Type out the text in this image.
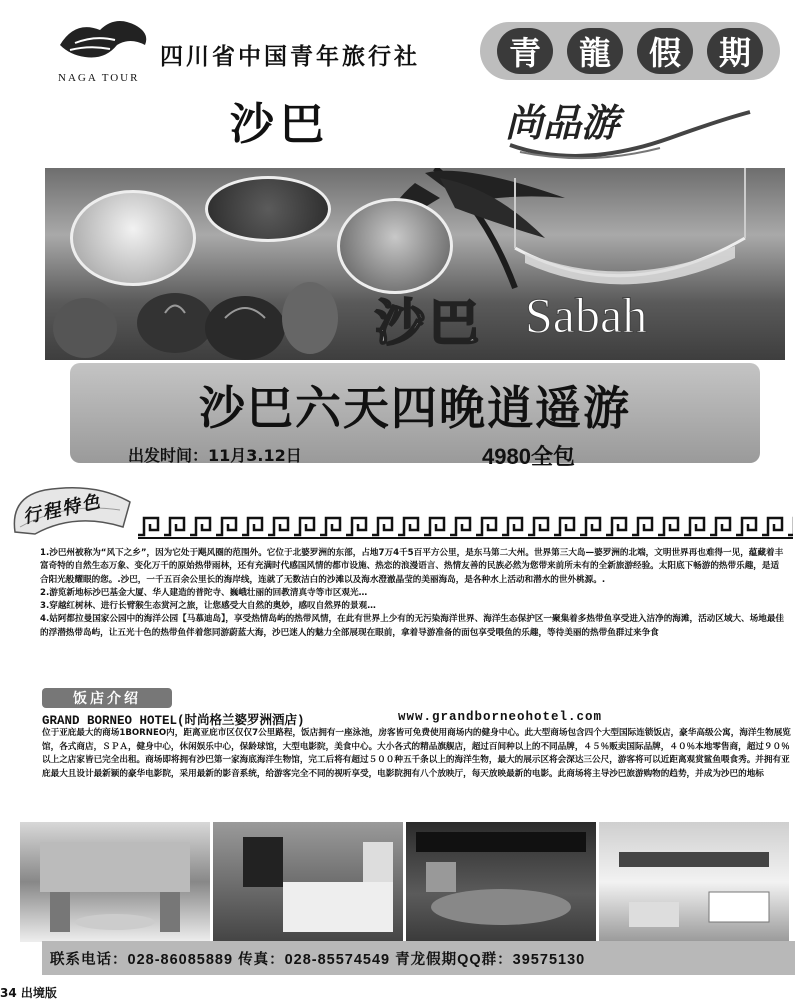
NAGA TOUR
四川省中国青年旅行社	青	龍	假	期
沙巴	尚品游
沙巴 Sabah
沙巴六天四晚逍遥游
出发时间：11月3.12日	4980全包
行程特色

1.沙巴州被称为“风下之乡”，因为它处于飓风圈的范围外。它位于北婆罗洲的东部，占地7万4千5百平方公里，是东马第二大州。世界第三大岛—婆罗洲的北端，文明世界再也难得一见，蕴藏着丰富奇特的自然生态万象、变化万千的原始热带雨林，还有充满时代感国风情的都市设施、热恋的浪漫语言、热情友善的民族必然为您带来前所未有的全新旅游经验。太阳底下畅游的热带乐趣，是适合阳光般耀眼的您。.沙巴，一千五百余公里长的海岸线，连就了无数洁白的沙滩以及海水澄澈晶莹的美丽海岛，是各种水上活动和潜水的世外桃源。.

2.游览新地标沙巴基金大厦、华人建造的普陀寺、巍峨壮丽的回教清真寺等市区观光…

3.穿越红树林、进行长臂猴生态赏河之旅，让您感受大自然的奥妙，感叹自然界的景观…

4.姑阿都拉曼国家公园中的海洋公园【马慕迪岛】，享受热情岛屿的热带风情，在此有世界上少有的无污染海洋世界、海洋生态保护区一聚集着多热带鱼享受进入洁净的海滩，活动区域大、场地最佳的浮潜热带岛屿，让五光十色的热带鱼伴着您同游蔚蓝大海，沙巴迷人的魅力全部展现在眼前，拿着导游准备的面包享受喂鱼的乐趣，等待美丽的热带鱼群过来争食

饭店介绍
GRAND BORNEO HOTEL(时尚格兰婆罗洲酒店)	www.grandborneohotel.com
位于亚庇最大的商场1BORNEO内，距离亚庇市区仅仅7公里路程，饭店拥有一座泳池，房客皆可免费使用商场内的健身中心。此大型商场包含四个大型国际连锁饭店，豪华高级公寓，海洋生物展览馆，各式商店，ＳＰＡ，健身中心，休闲娱乐中心，保龄球馆，大型电影院，美食中心。大小各式的精品旗舰店，超过百间种以上的不同品牌，４５％贩卖国际品牌，４０％本地零售商，超过９０％以上之店家皆已完全出租。商场即将拥有沙巴第一家海底海洋生物馆，完工后将有超过５００种五千条以上的海洋生物，最大的展示区将会深达三公尺，游客将可以近距离观赏鲨鱼喂食秀。并拥有亚庇最大且设计最新颖的豪华电影院，采用最新的影音系统，给游客完全不同的视听享受，电影院拥有八个放映厅，每天放映最新的电影。此商场将主导沙巴旅游购物的趋势，并成为沙巴的地标
联系电话：028-86085889 传真：028-85574549 青龙假期QQ群：39575130
34 出境版
